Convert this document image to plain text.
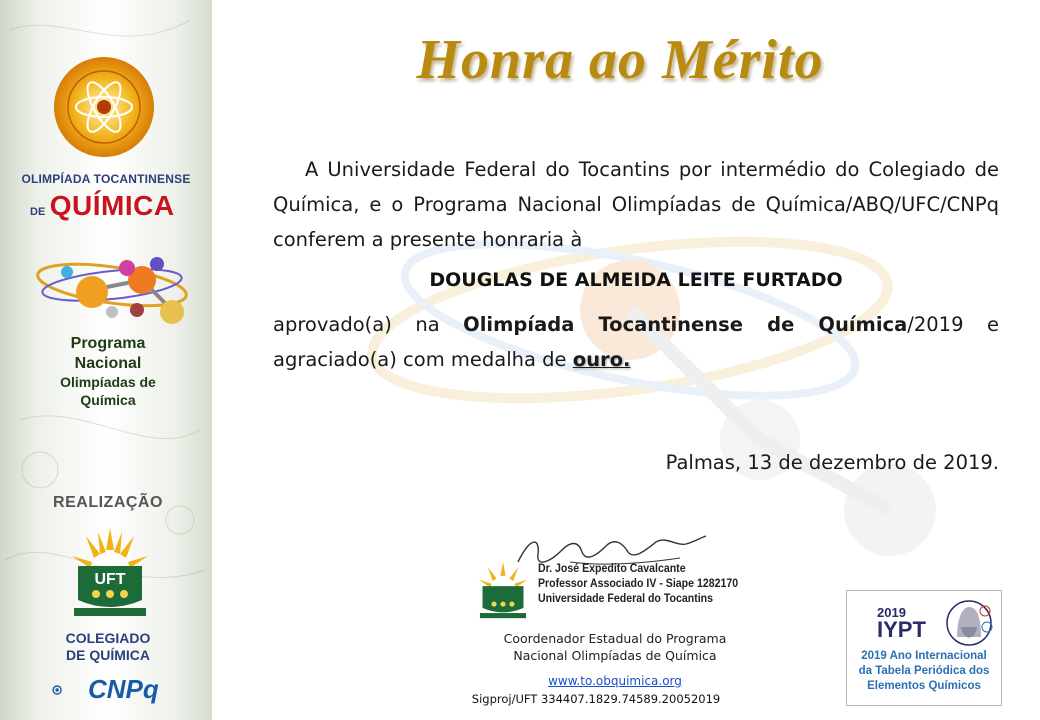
OLIMPÍADA TOCANTINENSE
DE QUÍMICA
Programa
Nacional
Olimpíadas de
Química
REALIZAÇÃO
UFT
COLEGIADO
DE QUÍMICA
CNPq
Honra ao Mérito
A Universidade Federal do Tocantins por intermédio do Colegiado de Química, e o Programa Nacional Olimpíadas de Química/ABQ/UFC/CNPq conferem a presente honraria à
DOUGLAS DE ALMEIDA LEITE FURTADO
aprovado(a) na Olimpíada Tocantinense de Química/2019 e agraciado(a) com medalha de ouro.
Palmas, 13 de dezembro de 2019.
Dr. José Expedito Cavalcante
Professor Associado IV - Siape 1282170
Universidade Federal do Tocantins
Coordenador Estadual do Programa
Nacional Olimpíadas de Química
www.to.obquimica.org
Sigproj/UFT 334407.1829.74589.20052019
2019
IYPT
2019 Ano Internacional
da Tabela Periódica dos
Elementos Químicos
